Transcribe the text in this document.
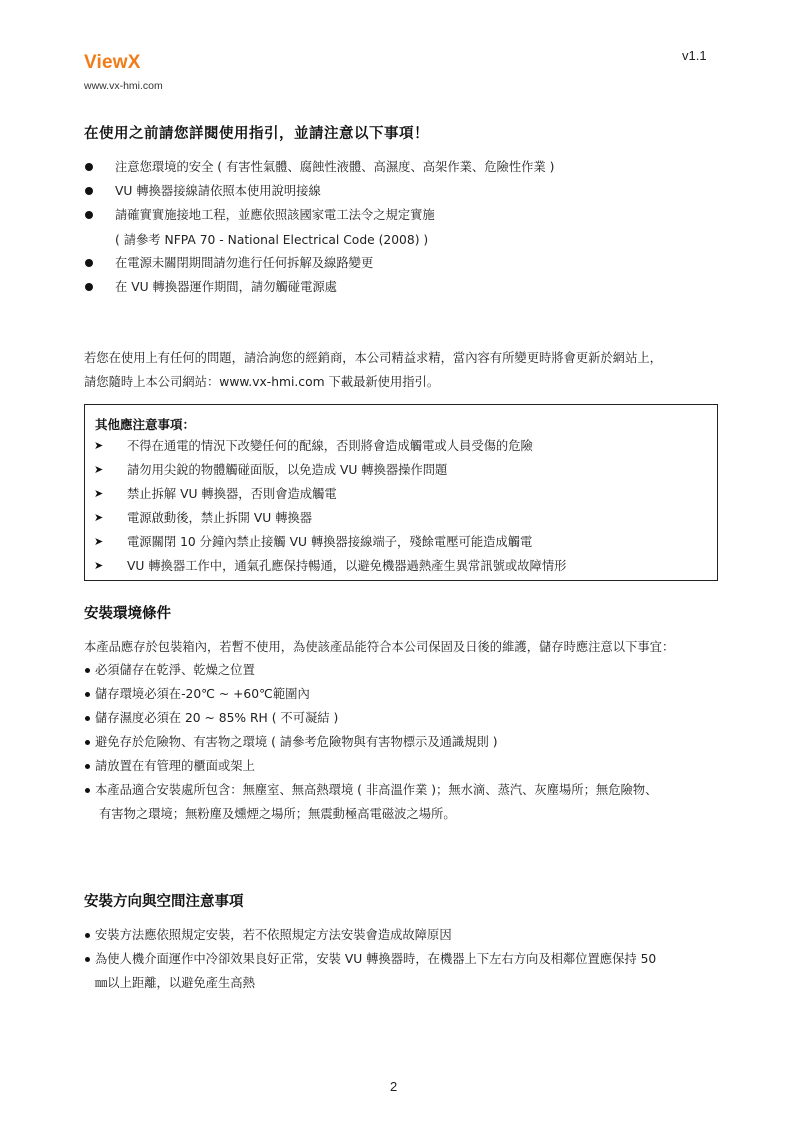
ViewX
www.vx-hmi.com
v1.1
在使用之前請您詳閱使用指引，並請注意以下事項！
注意您環境的安全 ( 有害性氣體、腐蝕性液體、高濕度、高架作業、危險性作業 )
VU 轉換器接線請依照本使用說明接線
請確實實施接地工程，並應依照該國家電工法令之規定實施
( 請參考 NFPA 70 - National Electrical Code (2008) )
在電源未關閉期間請勿進行任何拆解及線路變更
在 VU 轉換器運作期間，請勿觸碰電源處
若您在使用上有任何的問題，請洽詢您的經銷商，本公司精益求精，當內容有所變更時將會更新於網站上，
請您隨時上本公司網站：www.vx-hmi.com 下載最新使用指引。
其他應注意事項：
➤ 不得在通電的情況下改變任何的配線，否則將會造成觸電或人員受傷的危險
➤ 請勿用尖銳的物體觸碰面版，以免造成 VU 轉換器操作問題
➤ 禁止拆解 VU 轉換器，否則會造成觸電
➤ 電源啟動後，禁止拆開 VU 轉換器
➤ 電源關閉 10 分鐘內禁止接觸 VU 轉換器接線端子，殘餘電壓可能造成觸電
➤ VU 轉換器工作中，通氣孔應保持暢通，以避免機器過熱產生異常訊號或故障情形
安裝環境條件
本產品應存於包裝箱內，若暫不使用，為使該產品能符合本公司保固及日後的維護，儲存時應注意以下事宜：
必須儲存在乾淨、乾燥之位置
儲存環境必須在-20℃ ~ +60℃範圍內
儲存濕度必須在 20 ~ 85% RH ( 不可凝結 )
避免存於危險物、有害物之環境 ( 請參考危險物與有害物標示及通識規則 )
請放置在有管理的櫃面或架上
本產品適合安裝處所包含：無塵室、無高熱環境 ( 非高溫作業 )；無水滴、蒸汽、灰塵場所；無危險物、
有害物之環境；無粉塵及燻煙之場所；無震動極高電磁波之場所。
安裝方向與空間注意事項
安裝方法應依照規定安裝，若不依照規定方法安裝會造成故障原因
為使人機介面運作中冷卻效果良好正常，安裝 VU 轉換器時，在機器上下左右方向及相鄰位置應保持 50
㎜以上距離，以避免產生高熱
2
